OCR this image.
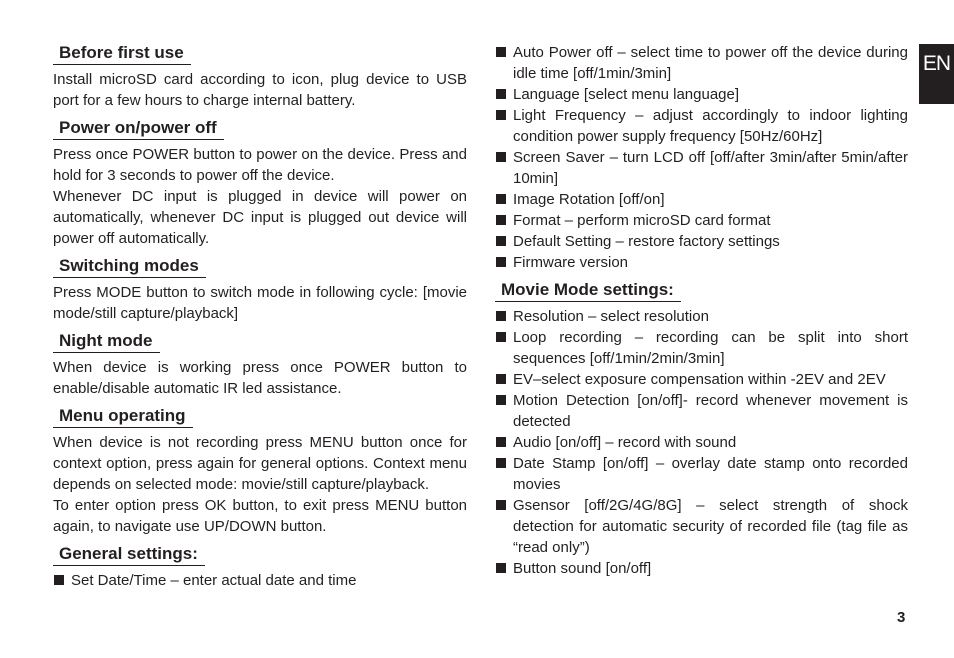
EN
Before first use

Install microSD card according to icon, plug device to USB port for a few hours to charge internal battery.

Power on/power off

Press once POWER button to power on the device. Press and hold for 3 seconds to power off the device.

Whenever DC input is plugged in device will power on automatically, whenever DC input is plugged out device will power off automatically.

Switching modes

Press MODE button to switch mode in following cycle: [movie mode/still capture/playback]

Night mode

When device is working press once POWER button to enable/disable automatic IR led assistance.

Menu operating

When device is not recording press MENU button once for context option, press again for general options. Context menu depends on selected mode: movie/still capture/playback.

To enter option press OK button, to exit press MENU button again, to navigate use UP/DOWN button.

General settings:
Set Date/Time – enter actual date and time
Auto Power off – select time to power off the device during idle time [off/1min/3min]
Language [select menu language]
Light Frequency – adjust accordingly to indoor lighting condition power supply frequency [50Hz/60Hz]
Screen Saver – turn LCD off [off/after 3min/after 5min/after 10min]
Image Rotation [off/on]
Format – perform microSD card format
Default Setting – restore factory settings
Firmware version
Movie Mode settings:
Resolution – select resolution
Loop recording – recording can be split into short sequences [off/1min/2min/3min]
EV–select exposure compensation within -2EV and 2EV
Motion Detection [on/off]- record whenever movement is detected
Audio [on/off] – record with sound
Date Stamp [on/off] – overlay date stamp onto recorded movies
Gsensor [off/2G/4G/8G] – select strength of shock detection for automatic security of recorded file (tag file as “read only”)
Button sound [on/off]
3
